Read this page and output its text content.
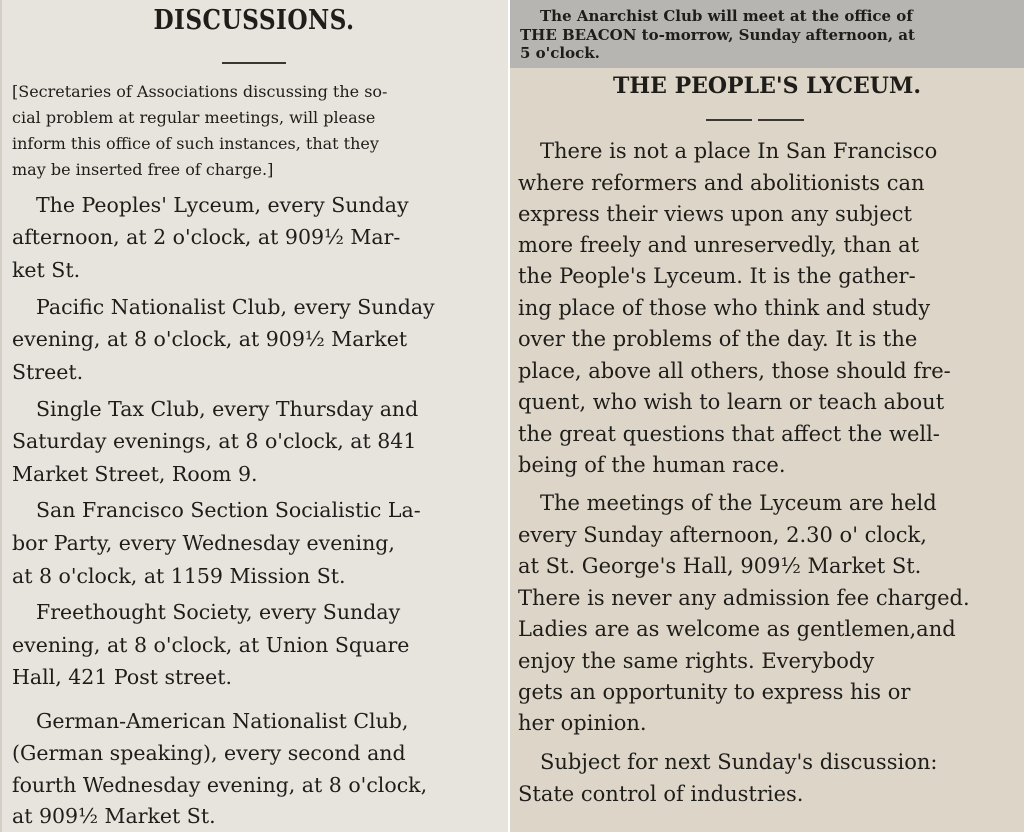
DISCUSSIONS.
[Secretaries of Associations discussing the so-
cial problem at regular meetings, will please
inform this office of such instances, that they
may be inserted free of charge.]
The Peoples' Lyceum, every Sunday
afternoon, at 2 o'clock, at 909½ Mar-
ket St.
Pacific Nationalist Club, every Sunday
evening, at 8 o'clock, at 909½ Market
Street.
Single Tax Club, every Thursday and
Saturday evenings, at 8 o'clock, at 841
Market Street, Room 9.
San Francisco Section Socialistic La-
bor Party, every Wednesday evening,
at 8 o'clock, at 1159 Mission St.
Freethought Society, every Sunday
evening, at 8 o'clock, at Union Square
Hall, 421 Post street.
German-American Nationalist Club,
(German speaking), every second and
fourth Wednesday evening, at 8 o'clock,
at 909½ Market St.
The Anarchist Club will meet at the office of
THE BEACON to-morrow, Sunday afternoon, at
5 o'clock.
THE PEOPLE'S LYCEUM.
There is not a place In San Francisco
where reformers and abolitionists can
express their views upon any subject
more freely and unreservedly, than at
the People's Lyceum. It is the gather-
ing place of those who think and study
over the problems of the day. It is the
place, above all others, those should fre-
quent, who wish to learn or teach about
the great questions that affect the well-
being of the human race.
The meetings of the Lyceum are held
every Sunday afternoon, 2.30 o' clock,
at St. George's Hall, 909½ Market St.
There is never any admission fee charged.
Ladies are as welcome as gentlemen,and
enjoy the same rights. Everybody
gets an opportunity to express his or
her opinion.
Subject for next Sunday's discussion:
State control of industries.
